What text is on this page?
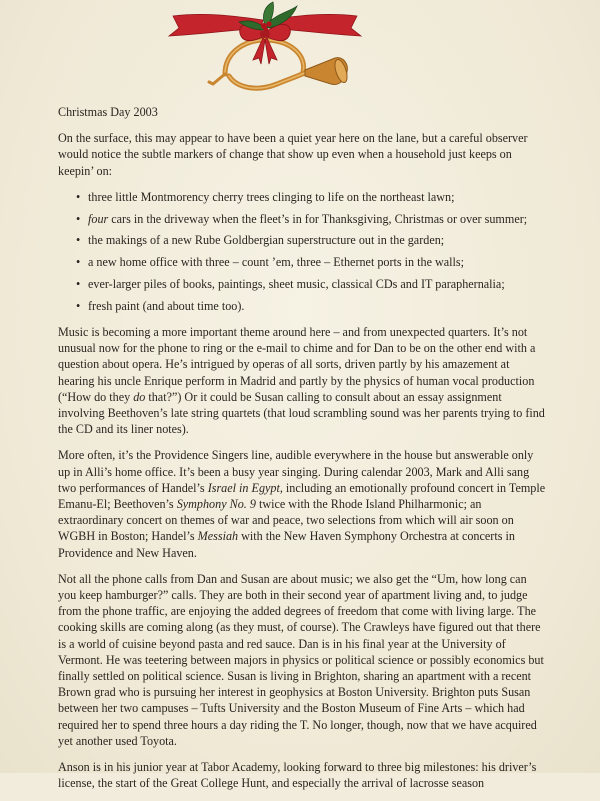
Christmas Day 2003

On the surface, this may appear to have been a quiet year here on the lane, but a careful observer would notice the subtle markers of change that show up even when a household just keeps on keepin’ on:

• three little Montmorency cherry trees clinging to life on the northeast lawn;
• four cars in the driveway when the fleet’s in for Thanksgiving, Christmas or over summer;
• the makings of a new Rube Goldbergian superstructure out in the garden;
• a new home office with three – count ’em, three – Ethernet ports in the walls;
• ever-larger piles of books, paintings, sheet music, classical CDs and IT paraphernalia;
• fresh paint (and about time too).

Music is becoming a more important theme around here – and from unexpected quarters. It’s not unusual now for the phone to ring or the e-mail to chime and for Dan to be on the other end with a question about opera. He’s intrigued by operas of all sorts, driven partly by his amazement at hearing his uncle Enrique perform in Madrid and partly by the physics of human vocal production (“How do they do that?”) Or it could be Susan calling to consult about an essay assignment involving Beethoven’s late string quartets (that loud scrambling sound was her parents trying to find the CD and its liner notes).

More often, it’s the Providence Singers line, audible everywhere in the house but answerable only up in Alli’s home office. It’s been a busy year singing. During calendar 2003, Mark and Alli sang two performances of Handel’s Israel in Egypt, including an emotionally profound concert in Temple Emanu-El; Beethoven’s Symphony No. 9 twice with the Rhode Island Philharmonic; an extraordinary concert on themes of war and peace, two selections from which will air soon on WGBH in Boston; Handel’s Messiah with the New Haven Symphony Orchestra at concerts in Providence and New Haven.

Not all the phone calls from Dan and Susan are about music; we also get the “Um, how long can you keep hamburger?” calls. They are both in their second year of apartment living and, to judge from the phone traffic, are enjoying the added degrees of freedom that come with living large. The cooking skills are coming along (as they must, of course). The Crawleys have figured out that there is a world of cuisine beyond pasta and red sauce. Dan is in his final year at the University of Vermont. He was teetering between majors in physics or political science or possibly economics but finally settled on political science. Susan is living in Brighton, sharing an apartment with a recent Brown grad who is pursuing her interest in geophysics at Boston University. Brighton puts Susan between her two campuses – Tufts University and the Boston Museum of Fine Arts – which had required her to spend three hours a day riding the T. No longer, though, now that we have acquired yet another used Toyota.

Anson is in his junior year at Tabor Academy, looking forward to three big milestones: his driver’s license, the start of the Great College Hunt, and especially the arrival of lacrosse season
